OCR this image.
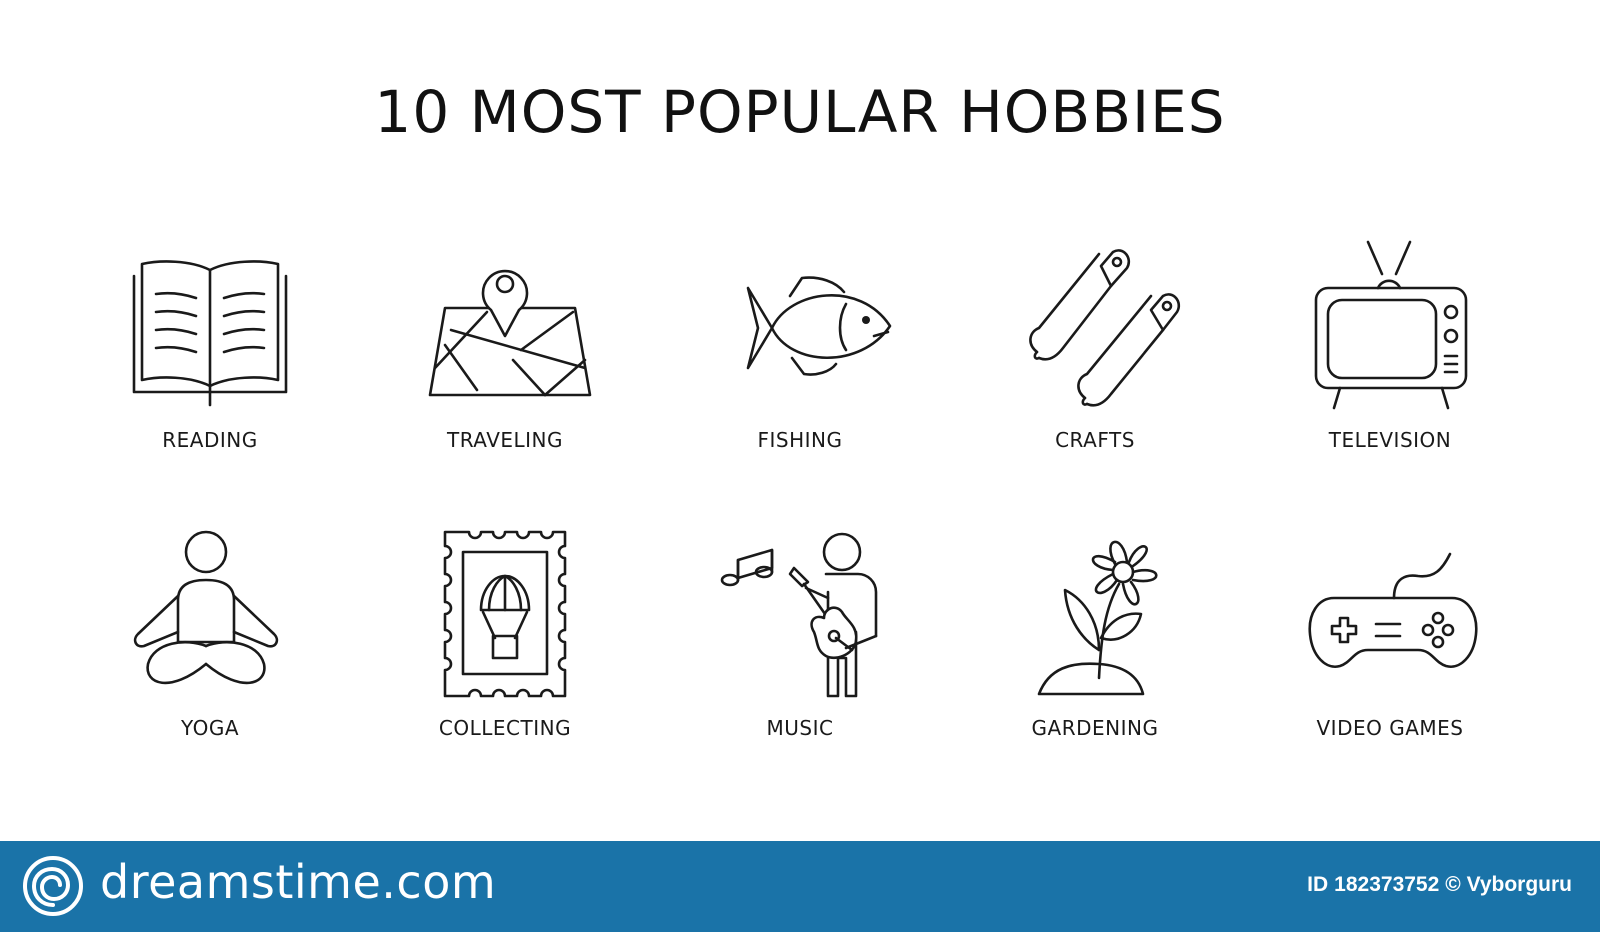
10 MOST POPULAR HOBBIES
READING	TRAVELING	FISHING	CRAFTS	TELEVISION
YOGA	COLLECTING	MUSIC	GARDENING	VIDEO GAMES
dreamstime.com	ID 182373752 © Vyborguru
